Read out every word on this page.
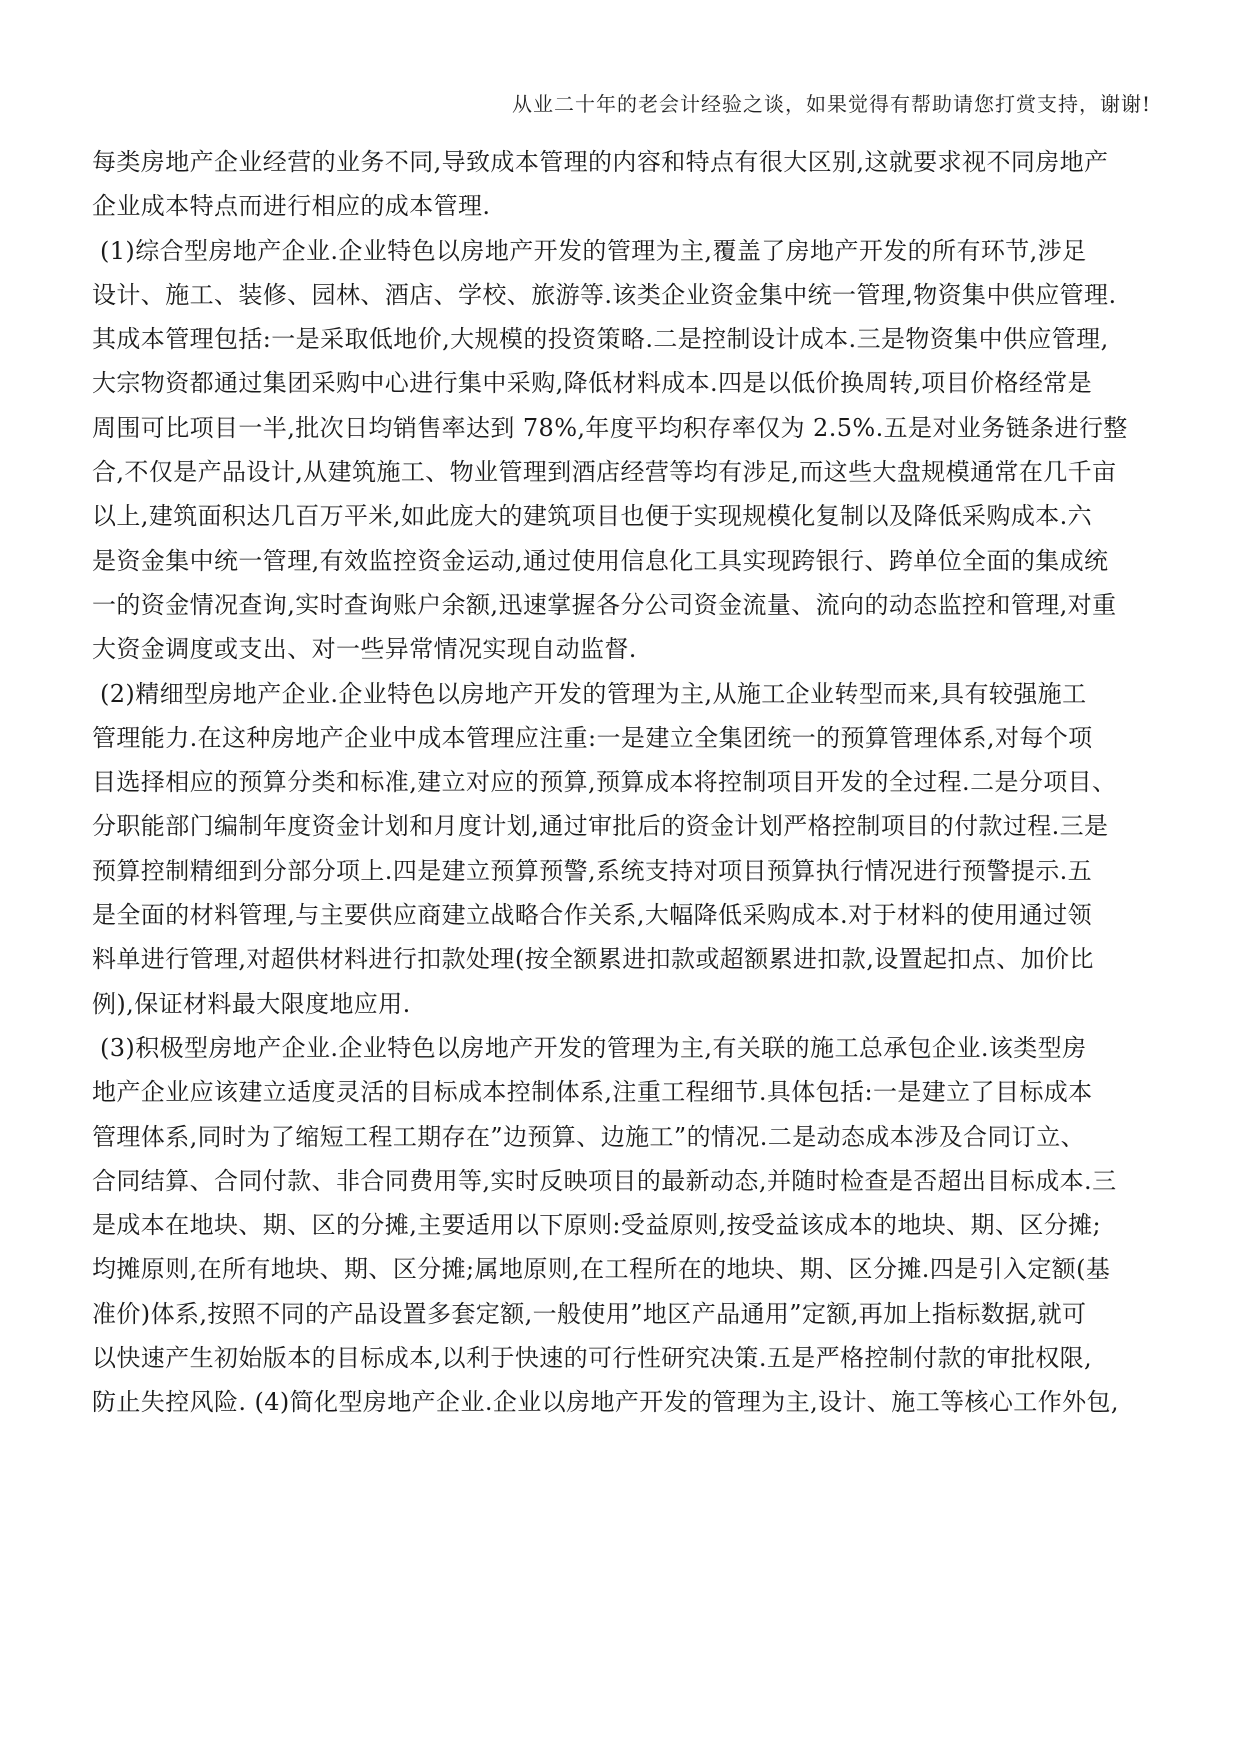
从业二十年的老会计经验之谈，如果觉得有帮助请您打赏支持，谢谢!
每类房地产企业经营的业务不同,导致成本管理的内容和特点有很大区别,这就要求视不同房地产
企业成本特点而进行相应的成本管理.
(1)综合型房地产企业.企业特色以房地产开发的管理为主,覆盖了房地产开发的所有环节,涉足
设计、施工、装修、园林、酒店、学校、旅游等.该类企业资金集中统一管理,物资集中供应管理.
其成本管理包括:一是采取低地价,大规模的投资策略.二是控制设计成本.三是物资集中供应管理,
大宗物资都通过集团采购中心进行集中采购,降低材料成本.四是以低价换周转,项目价格经常是
周围可比项目一半,批次日均销售率达到 78%,年度平均积存率仅为 2.5%.五是对业务链条进行整
合,不仅是产品设计,从建筑施工、物业管理到酒店经营等均有涉足,而这些大盘规模通常在几千亩
以上,建筑面积达几百万平米,如此庞大的建筑项目也便于实现规模化复制以及降低采购成本.六
是资金集中统一管理,有效监控资金运动,通过使用信息化工具实现跨银行、跨单位全面的集成统
一的资金情况查询,实时查询账户余额,迅速掌握各分公司资金流量、流向的动态监控和管理,对重
大资金调度或支出、对一些异常情况实现自动监督.
(2)精细型房地产企业.企业特色以房地产开发的管理为主,从施工企业转型而来,具有较强施工
管理能力.在这种房地产企业中成本管理应注重:一是建立全集团统一的预算管理体系,对每个项
目选择相应的预算分类和标准,建立对应的预算,预算成本将控制项目开发的全过程.二是分项目、
分职能部门编制年度资金计划和月度计划,通过审批后的资金计划严格控制项目的付款过程.三是
预算控制精细到分部分项上.四是建立预算预警,系统支持对项目预算执行情况进行预警提示.五
是全面的材料管理,与主要供应商建立战略合作关系,大幅降低采购成本.对于材料的使用通过领
料单进行管理,对超供材料进行扣款处理(按全额累进扣款或超额累进扣款,设置起扣点、加价比
例),保证材料最大限度地应用.
(3)积极型房地产企业.企业特色以房地产开发的管理为主,有关联的施工总承包企业.该类型房
地产企业应该建立适度灵活的目标成本控制体系,注重工程细节.具体包括:一是建立了目标成本
管理体系,同时为了缩短工程工期存在”边预算、边施工”的情况.二是动态成本涉及合同订立、
合同结算、合同付款、非合同费用等,实时反映项目的最新动态,并随时检查是否超出目标成本.三
是成本在地块、期、区的分摊,主要适用以下原则:受益原则,按受益该成本的地块、期、区分摊;
均摊原则,在所有地块、期、区分摊;属地原则,在工程所在的地块、期、区分摊.四是引入定额(基
准价)体系,按照不同的产品设置多套定额,一般使用”地区产品通用”定额,再加上指标数据,就可
以快速产生初始版本的目标成本,以利于快速的可行性研究决策.五是严格控制付款的审批权限,
防止失控风险. (4)简化型房地产企业.企业以房地产开发的管理为主,设计、施工等核心工作外包,
